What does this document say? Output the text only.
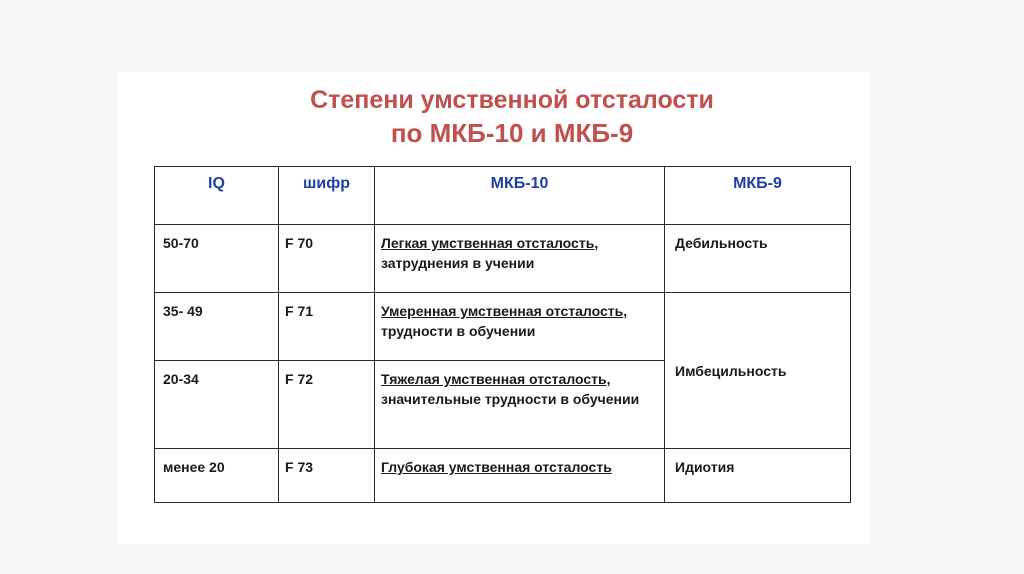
Степени умственной отсталости
по МКБ-10 и МКБ-9
IQ	шифр	МКБ-10	МКБ-9
50-70	F 70	Легкая умственная отсталость, затруднения в учении	Дебильность
35- 49	F 71	Умеренная умственная отсталость, трудности в обучении	Имбецильность
20-34	F 72	Тяжелая умственная отсталость, значительные трудности в обучении	
менее 20	F 73	Глубокая умственная отсталость	Идиотия
